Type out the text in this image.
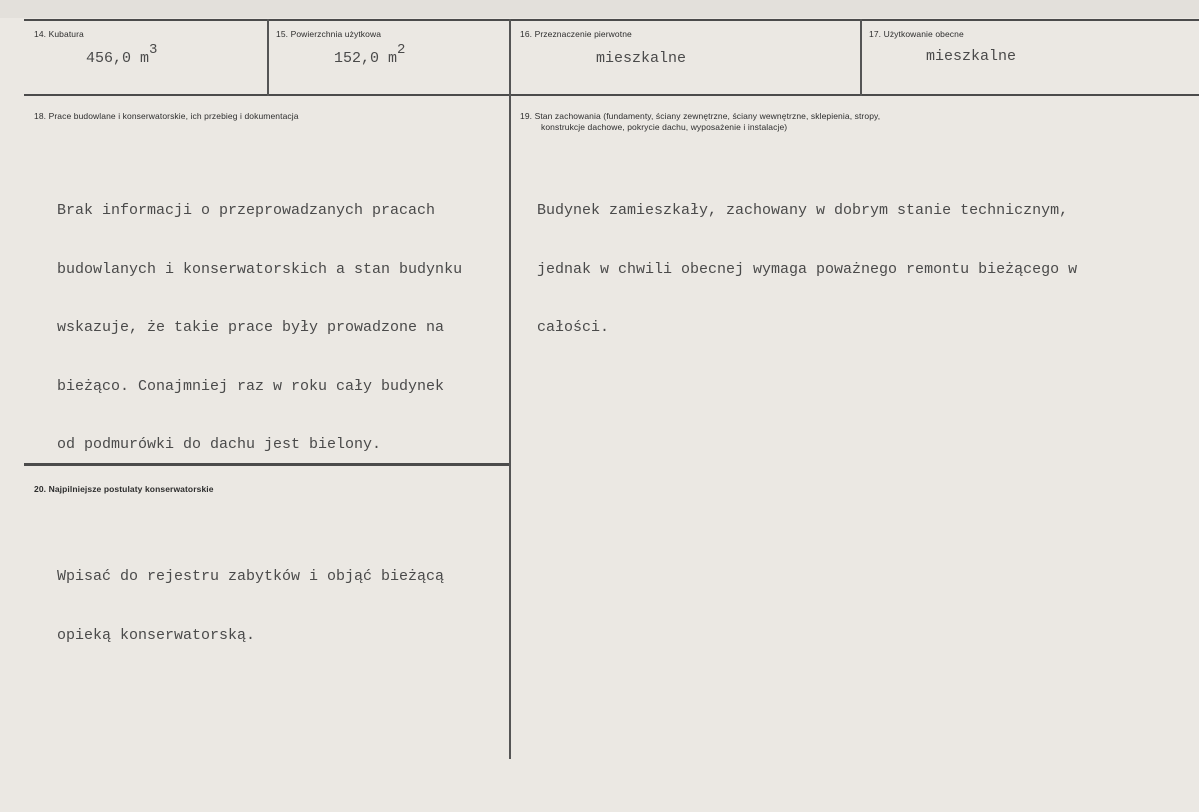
14. Kubatura
456,0 m3
15. Powierzchnia użytkowa
152,0 m2
16. Przeznaczenie pierwotne
mieszkalne
17. Użytkowanie obecne
mieszkalne
18. Prace budowlane i konserwatorskie, ich przebieg i dokumentacja

Brak informacji o przeprowadzanych pracach

budowlanych i konserwatorskich a stan budynku

wskazuje, że takie prace były prowadzone na

bieżąco. Conajmniej raz w roku cały budynek

od podmurówki do dachu jest bielony.

19. Stan zachowania (fundamenty, ściany zewnętrzne, ściany wewnętrzne, sklepienia, stropy,
konstrukcje dachowe, pokrycie dachu, wyposażenie i instalacje)

Budynek zamieszkały, zachowany w dobrym stanie technicznym,

jednak w chwili obecnej wymaga poważnego remontu bieżącego w

całości.

20. Najpilniejsze postulaty konserwatorskie

Wpisać do rejestru zabytków i objąć bieżącą

opieką konserwatorską.
